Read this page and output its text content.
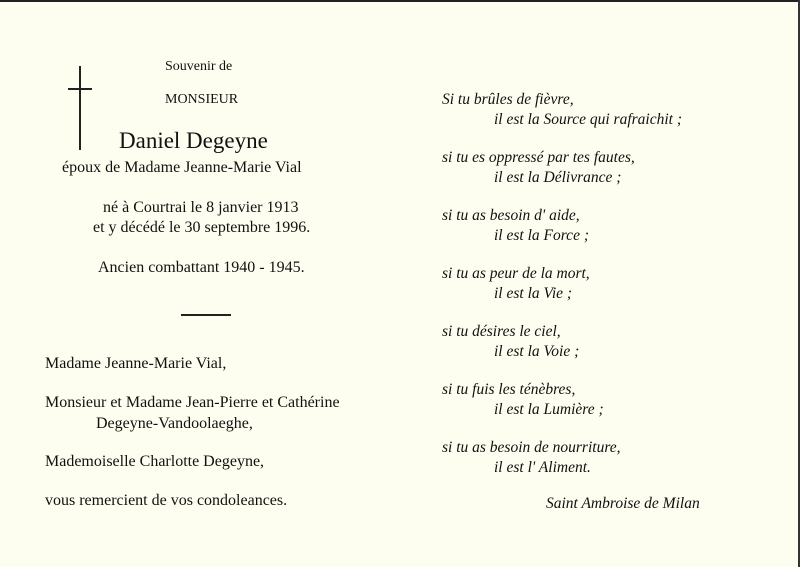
Souvenir de
MONSIEUR
Daniel Degeyne
époux de Madame Jeanne-Marie Vial
né à Courtrai le 8 janvier 1913
et y décédé le 30 septembre 1996.
Ancien combattant 1940 - 1945.
Madame Jeanne-Marie Vial,
Monsieur et Madame Jean-Pierre et Cathérine
Degeyne-Vandoolaeghe,
Mademoiselle Charlotte Degeyne,
vous remercient de vos condoleances.
Si tu brûles de fièvre,
il est la Source qui rafraichit ;
si tu es oppressé par tes fautes,
il est la Délivrance ;
si tu as besoin d' aide,
il est la Force ;
si tu as peur de la mort,
il est la Vie ;
si tu désires le ciel,
il est la Voie ;
si tu fuis les ténèbres,
il est la Lumière ;
si tu as besoin de nourriture,
il est l' Aliment.
Saint Ambroise de Milan
